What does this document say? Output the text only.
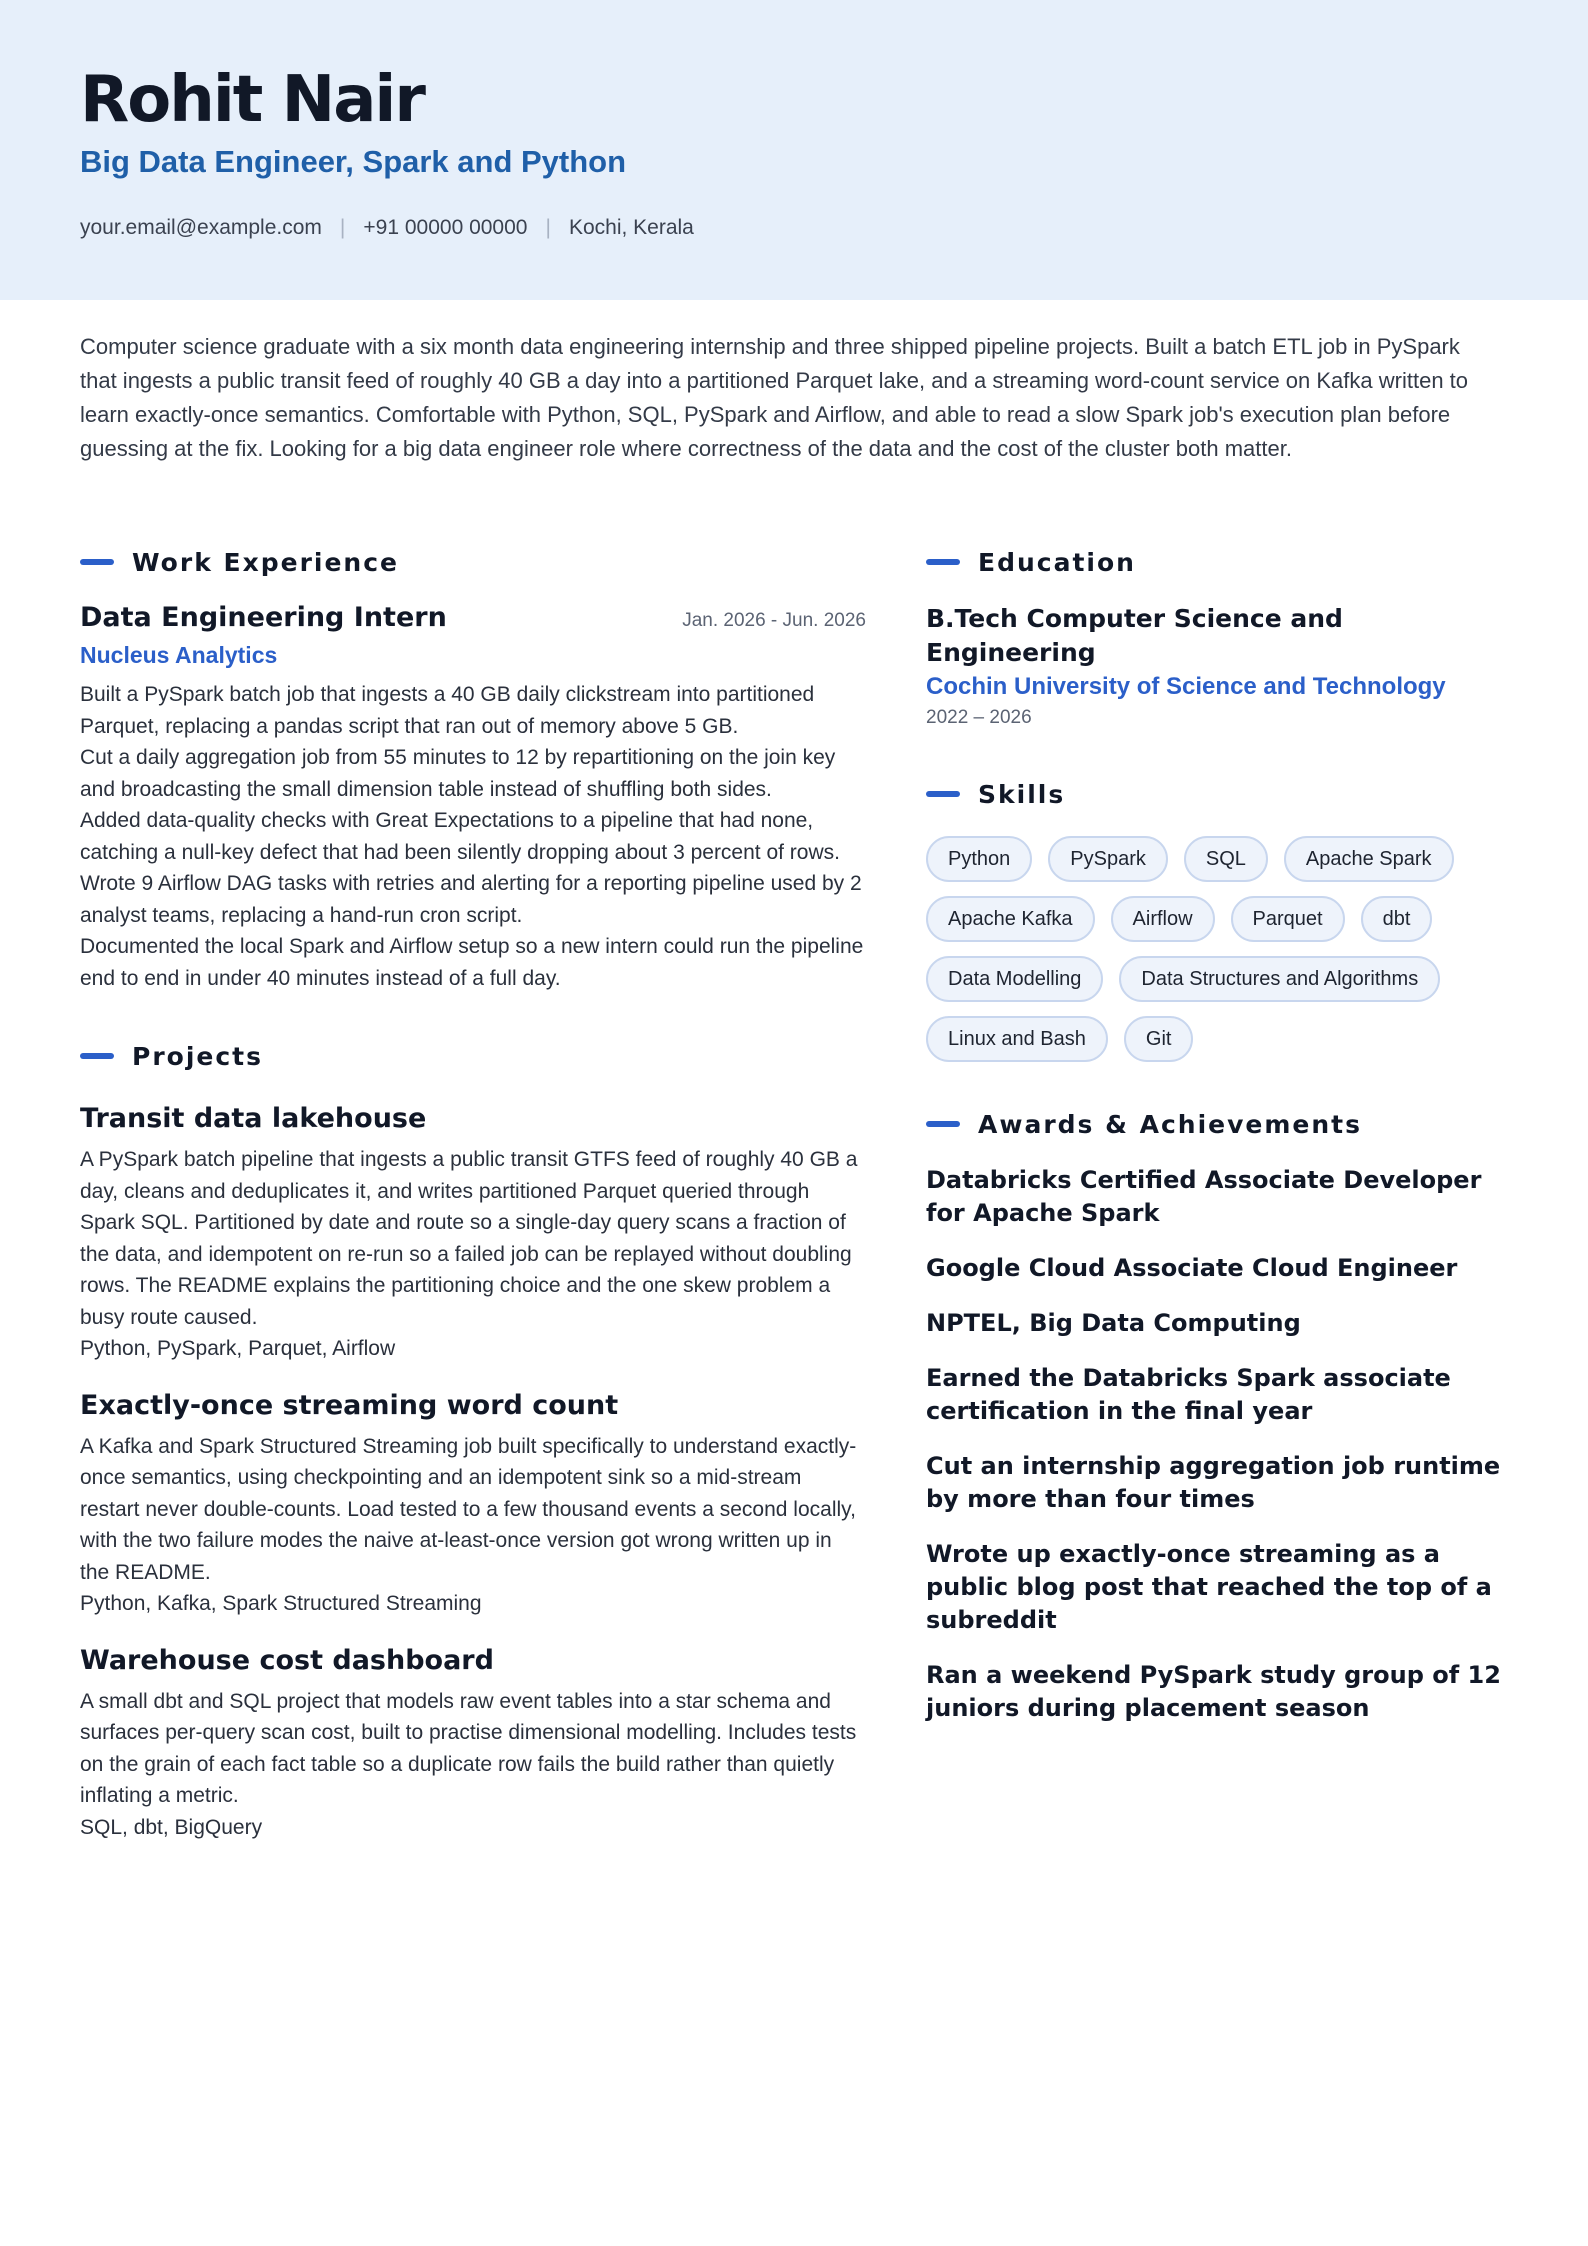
Rohit Nair
Big Data Engineer, Spark and Python
your.email@example.com | +91 00000 00000 | Kochi, Kerala
Computer science graduate with a six month data engineering internship and three shipped pipeline projects. Built a batch ETL job in PySpark that ingests a public transit feed of roughly 40 GB a day into a partitioned Parquet lake, and a streaming word-count service on Kafka written to learn exactly-once semantics. Comfortable with Python, SQL, PySpark and Airflow, and able to read a slow Spark job's execution plan before guessing at the fix. Looking for a big data engineer role where correctness of the data and the cost of the cluster both matter.
Work Experience
Data Engineering Intern	Jan. 2026 - Jun. 2026
Nucleus Analytics
Built a PySpark batch job that ingests a 40 GB daily clickstream into partitioned Parquet, replacing a pandas script that ran out of memory above 5 GB.
Cut a daily aggregation job from 55 minutes to 12 by repartitioning on the join key and broadcasting the small dimension table instead of shuffling both sides.
Added data-quality checks with Great Expectations to a pipeline that had none, catching a null-key defect that had been silently dropping about 3 percent of rows.
Wrote 9 Airflow DAG tasks with retries and alerting for a reporting pipeline used by 2 analyst teams, replacing a hand-run cron script.
Documented the local Spark and Airflow setup so a new intern could run the pipeline end to end in under 40 minutes instead of a full day.
Projects
Transit data lakehouse
A PySpark batch pipeline that ingests a public transit GTFS feed of roughly 40 GB a day, cleans and deduplicates it, and writes partitioned Parquet queried through Spark SQL. Partitioned by date and route so a single-day query scans a fraction of the data, and idempotent on re-run so a failed job can be replayed without doubling rows. The README explains the partitioning choice and the one skew problem a busy route caused.
Python, PySpark, Parquet, Airflow
Exactly-once streaming word count
A Kafka and Spark Structured Streaming job built specifically to understand exactly-once semantics, using checkpointing and an idempotent sink so a mid-stream restart never double-counts. Load tested to a few thousand events a second locally, with the two failure modes the naive at-least-once version got wrong written up in the README.
Python, Kafka, Spark Structured Streaming
Warehouse cost dashboard
A small dbt and SQL project that models raw event tables into a star schema and surfaces per-query scan cost, built to practise dimensional modelling. Includes tests on the grain of each fact table so a duplicate row fails the build rather than quietly inflating a metric.
SQL, dbt, BigQuery
Education
B.Tech Computer Science and Engineering
Cochin University of Science and Technology
2022 – 2026
Skills
Python	PySpark	SQL	Apache Spark
Apache Kafka	Airflow	Parquet	dbt
Data Modelling	Data Structures and Algorithms
Linux and Bash	Git
Awards & Achievements
Databricks Certified Associate Developer for Apache Spark
Google Cloud Associate Cloud Engineer
NPTEL, Big Data Computing
Earned the Databricks Spark associate certification in the final year
Cut an internship aggregation job runtime by more than four times
Wrote up exactly-once streaming as a public blog post that reached the top of a subreddit
Ran a weekend PySpark study group of 12 juniors during placement season
